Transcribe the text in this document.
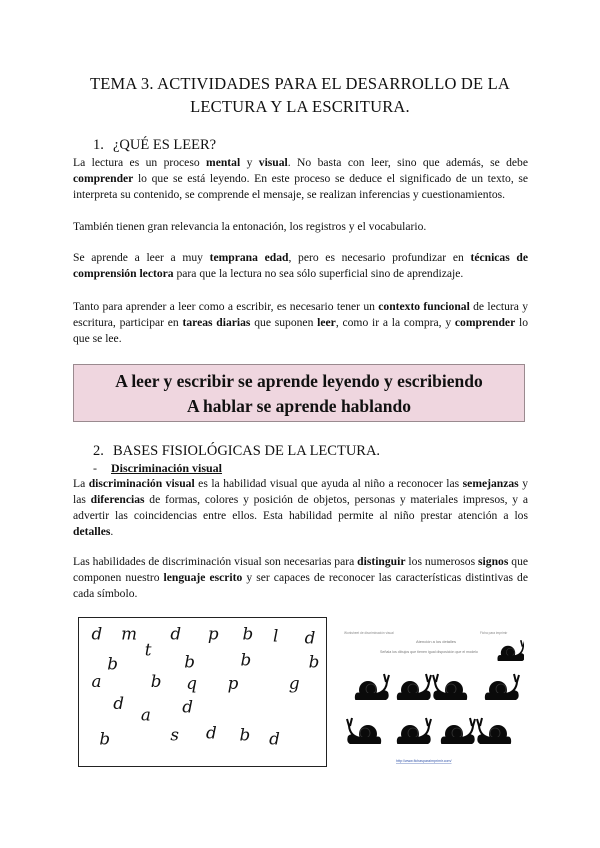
TEMA 3. ACTIVIDADES PARA EL DESARROLLO DE LA
LECTURA Y LA ESCRITURA.
1. ¿QUÉ ES LEER?

La lectura es un proceso mental y visual. No basta con leer, sino que además, se debe comprender lo que se está leyendo. En este proceso se deduce el significado de un texto, se interpreta su contenido, se comprende el mensaje, se realizan inferencias y cuestionamientos.

También tienen gran relevancia la entonación, los registros y el vocabulario.

Se aprende a leer a muy temprana edad, pero es necesario profundizar en técnicas de comprensión lectora para que la lectura no sea sólo superficial sino de aprendizaje.

Tanto para aprender a leer como a escribir, es necesario tener un contexto funcional de lectura y escritura, participar en tareas diarias que suponen leer, como ir a la compra, y comprender lo que se lee.

A leer y escribir se aprende leyendo y escribiendo
A hablar se aprende hablando
2. BASES FISIOLÓGICAS DE LA LECTURA.
- Discriminación visual

La discriminación visual es la habilidad visual que ayuda al niño a reconocer las semejanzas y las diferencias de formas, colores y posición de objetos, personas y materiales impresos, y a advertir las coincidencias entre ellos. Esta habilidad permite al niño prestar atención a los detalles.

Las habilidades de discriminación visual son necesarias para distinguir los numerosos signos que componen nuestro lenguaje escrito y ser capaces de reconocer las características distintivas de cada símbolo.

d m d p b l d
t
b	b	b	b
a	b q p	g
d	d
a
b	s d b d
Worksheet de discriminación visual
Atención a los detalles
Ficha para imprimir
Señala los dibujos que tienen igual disposición que el modelo
http://www.fichasparaimprimir.com/
